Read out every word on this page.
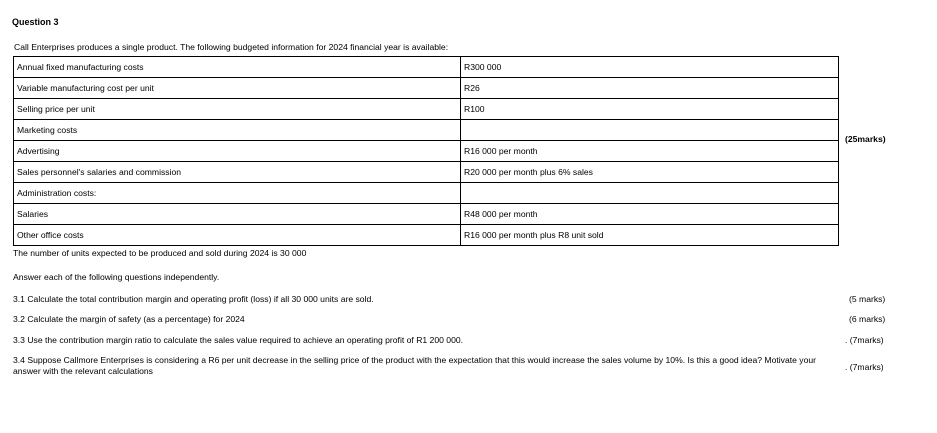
Question 3
Call Enterprises produces a single product. The following budgeted information for 2024 financial year is available:
Annual fixed manufacturing costs	R300 000
Variable manufacturing cost per unit	R26
Selling price per unit	R100
Marketing costs	
Advertising	R16 000 per month
Sales personnel's salaries and commission	R20 000 per month plus 6% sales
Administration costs:	
Salaries	R48 000 per month
Other office costs	R16 000 per month plus R8 unit sold
(25marks)
The number of units expected to be produced and sold during 2024 is 30 000
Answer each of the following questions independently.
3.1 Calculate the total contribution margin and operating profit (loss) if all 30 000 units are sold.	(5 marks)
3.2 Calculate the margin of safety (as a percentage) for 2024	(6 marks)
3.3 Use the contribution margin ratio to calculate the sales value required to achieve an operating profit of R1 200 000.	. (7marks)
3.4 Suppose Callmore Enterprises is considering a R6 per unit decrease in the selling price of the product with the expectation that this would increase the sales volume by 10%. Is this a good idea? Motivate your answer with the relevant calculations	. (7marks)
